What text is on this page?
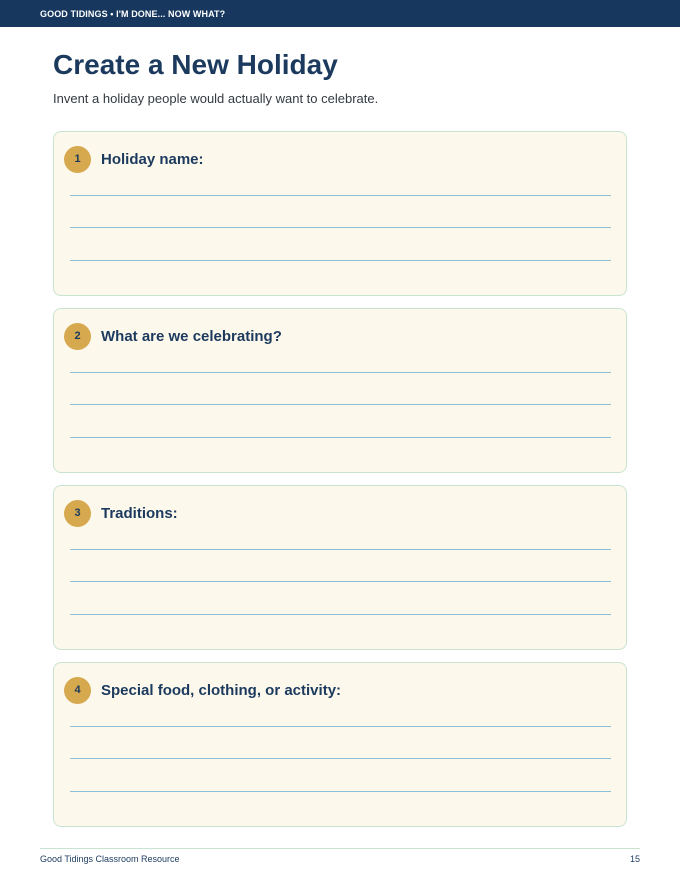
GOOD TIDINGS • I'M DONE... NOW WHAT?
Create a New Holiday

Invent a holiday people would actually want to celebrate.

1	Holiday name:
2	What are we celebrating?
3	Traditions:
4	Special food, clothing, or activity:
Good Tidings Classroom Resource	15
